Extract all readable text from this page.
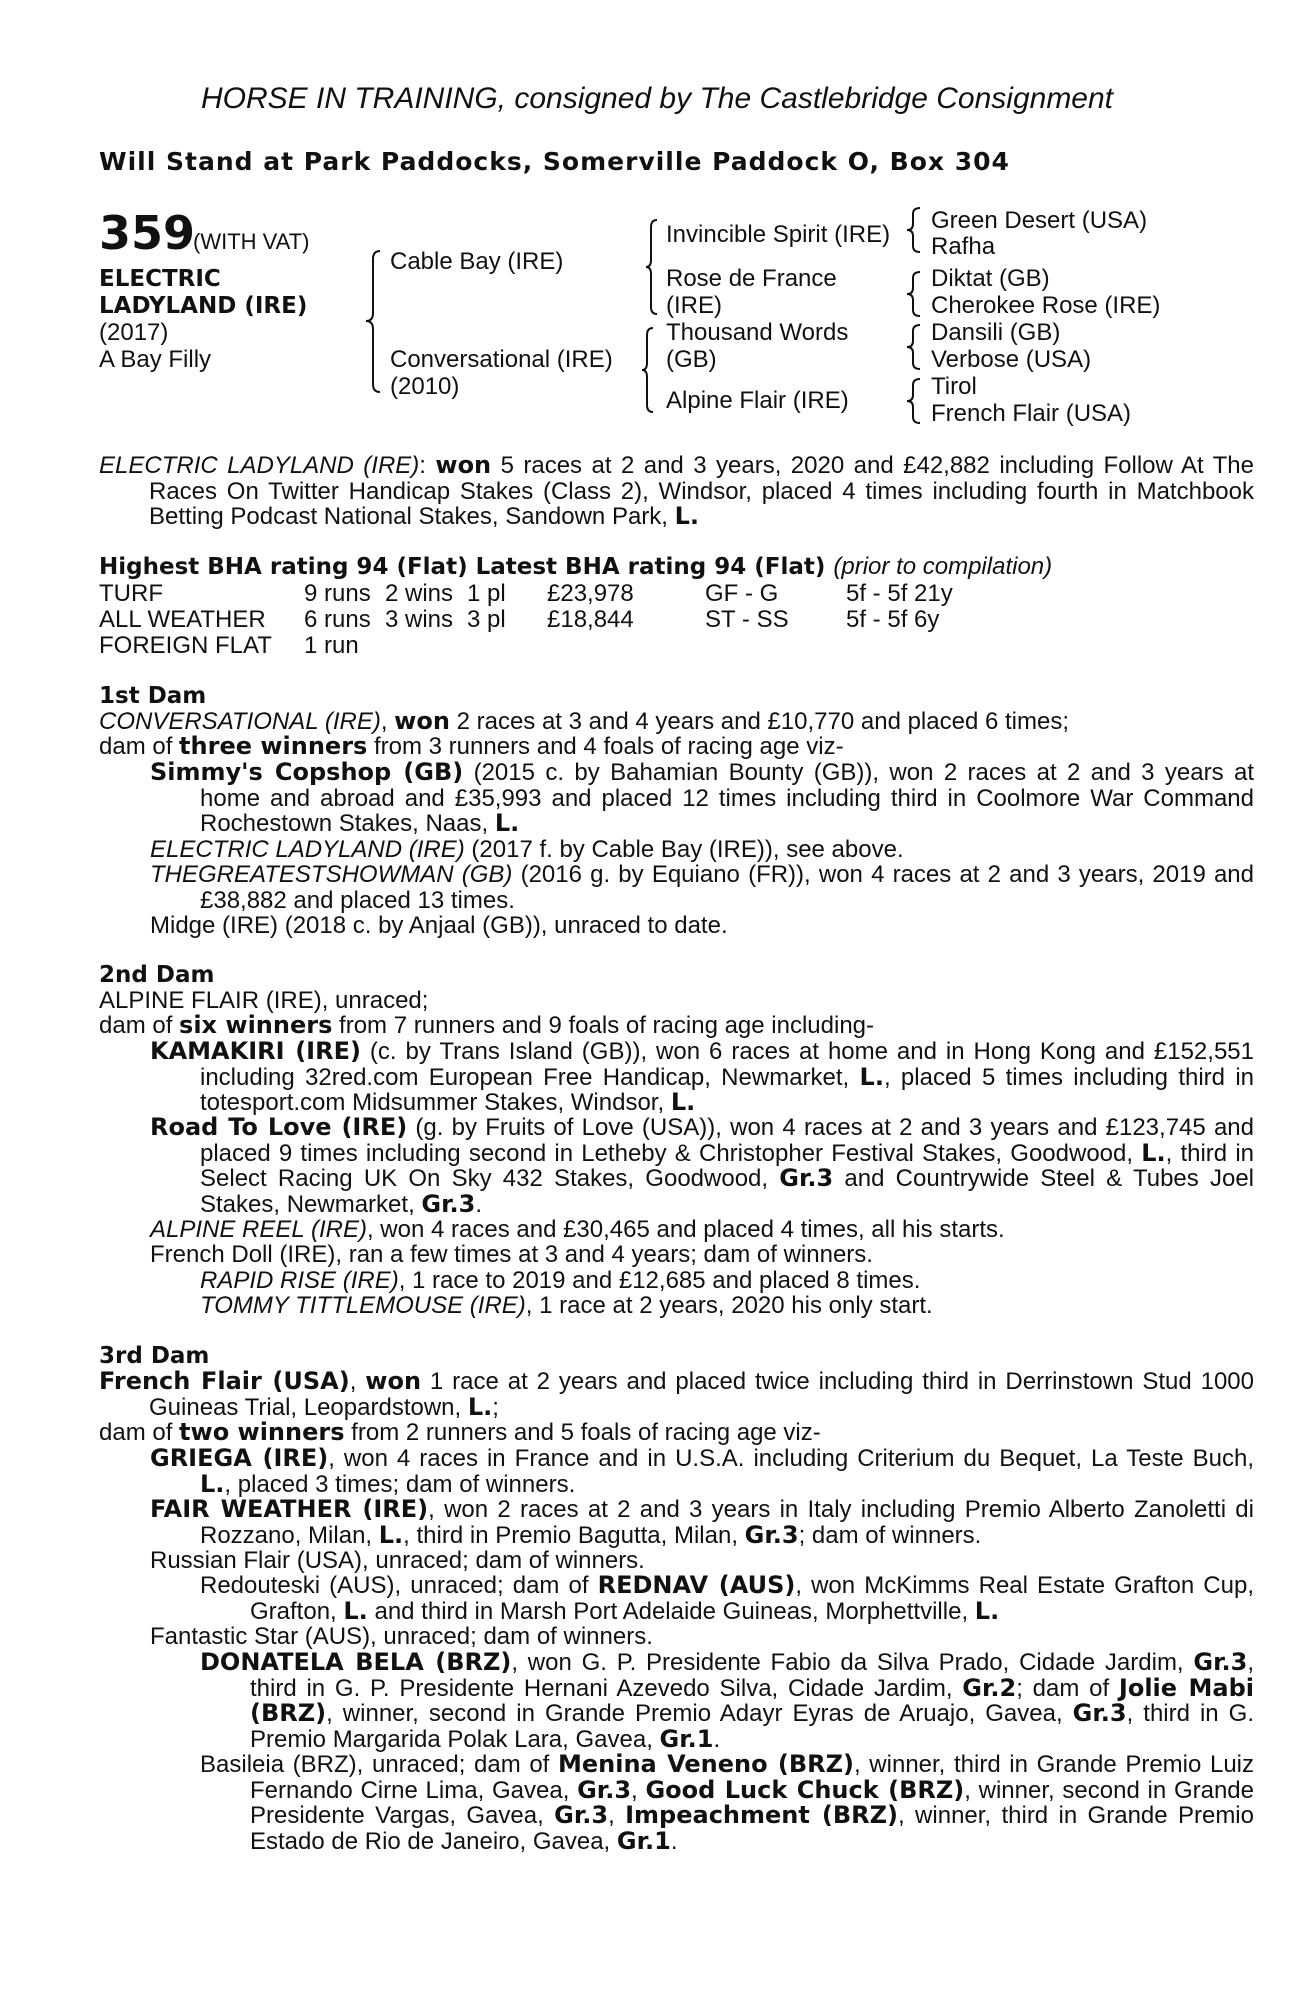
HORSE IN TRAINING, consigned by The Castlebridge Consignment
Will Stand at Park Paddocks, Somerville Paddock O, Box 304
359
(WITH VAT)
ELECTRIC
LADYLAND (IRE)
(2017)
A Bay Filly
Cable Bay (IRE)
Conversational (IRE)
(2010)
Invincible Spirit (IRE)
Rose de France
(IRE)
Thousand Words
(GB)
Alpine Flair (IRE)
Green Desert (USA)
Rafha
Diktat (GB)
Cherokee Rose (IRE)
Dansili (GB)
Verbose (USA)
Tirol
French Flair (USA)
ELECTRIC LADYLAND (IRE): won 5 races at 2 and 3 years, 2020 and £42,882 including Follow At The Races On Twitter Handicap Stakes (Class 2), Windsor, placed 4 times including fourth in Matchbook Betting Podcast National Stakes, Sandown Park, L.
Highest BHA rating 94 (Flat) Latest BHA rating 94 (Flat) (prior to compilation)
TURF	9 runs 2 wins 1 pl £23,978	GF - G	5f - 5f 21y
ALL WEATHER 6 runs 3 wins 3 pl £18,844	ST - SS 5f - 5f 6y
FOREIGN FLAT 1 run
1st Dam
CONVERSATIONAL (IRE), won 2 races at 3 and 4 years and £10,770 and placed 6 times;
dam of three winners from 3 runners and 4 foals of racing age viz-
Simmy's Copshop (GB) (2015 c. by Bahamian Bounty (GB)), won 2 races at 2 and 3 years at home and abroad and £35,993 and placed 12 times including third in Coolmore War Command Rochestown Stakes, Naas, L.
ELECTRIC LADYLAND (IRE) (2017 f. by Cable Bay (IRE)), see above.
THEGREATESTSHOWMAN (GB) (2016 g. by Equiano (FR)), won 4 races at 2 and 3 years, 2019 and £38,882 and placed 13 times.
Midge (IRE) (2018 c. by Anjaal (GB)), unraced to date.
2nd Dam
ALPINE FLAIR (IRE), unraced;
dam of six winners from 7 runners and 9 foals of racing age including-
KAMAKIRI (IRE) (c. by Trans Island (GB)), won 6 races at home and in Hong Kong and £152,551 including 32red.com European Free Handicap, Newmarket, L., placed 5 times including third in totesport.com Midsummer Stakes, Windsor, L.
Road To Love (IRE) (g. by Fruits of Love (USA)), won 4 races at 2 and 3 years and £123,745 and placed 9 times including second in Letheby & Christopher Festival Stakes, Goodwood, L., third in Select Racing UK On Sky 432 Stakes, Goodwood, Gr.3 and Countrywide Steel & Tubes Joel Stakes, Newmarket, Gr.3.
ALPINE REEL (IRE), won 4 races and £30,465 and placed 4 times, all his starts.
French Doll (IRE), ran a few times at 3 and 4 years; dam of winners.
RAPID RISE (IRE), 1 race to 2019 and £12,685 and placed 8 times.
TOMMY TITTLEMOUSE (IRE), 1 race at 2 years, 2020 his only start.
3rd Dam
French Flair (USA), won 1 race at 2 years and placed twice including third in Derrinstown Stud 1000 Guineas Trial, Leopardstown, L.;
dam of two winners from 2 runners and 5 foals of racing age viz-
GRIEGA (IRE), won 4 races in France and in U.S.A. including Criterium du Bequet, La Teste Buch, L., placed 3 times; dam of winners.
FAIR WEATHER (IRE), won 2 races at 2 and 3 years in Italy including Premio Alberto Zanoletti di Rozzano, Milan, L., third in Premio Bagutta, Milan, Gr.3; dam of winners.
Russian Flair (USA), unraced; dam of winners.
Redouteski (AUS), unraced; dam of REDNAV (AUS), won McKimms Real Estate Grafton Cup, Grafton, L. and third in Marsh Port Adelaide Guineas, Morphettville, L.
Fantastic Star (AUS), unraced; dam of winners.
DONATELA BELA (BRZ), won G. P. Presidente Fabio da Silva Prado, Cidade Jardim, Gr.3, third in G. P. Presidente Hernani Azevedo Silva, Cidade Jardim, Gr.2; dam of Jolie Mabi (BRZ), winner, second in Grande Premio Adayr Eyras de Aruajo, Gavea, Gr.3, third in G. Premio Margarida Polak Lara, Gavea, Gr.1.
Basileia (BRZ), unraced; dam of Menina Veneno (BRZ), winner, third in Grande Premio Luiz Fernando Cirne Lima, Gavea, Gr.3, Good Luck Chuck (BRZ), winner, second in Grande Presidente Vargas, Gavea, Gr.3, Impeachment (BRZ), winner, third in Grande Premio Estado de Rio de Janeiro, Gavea, Gr.1.
